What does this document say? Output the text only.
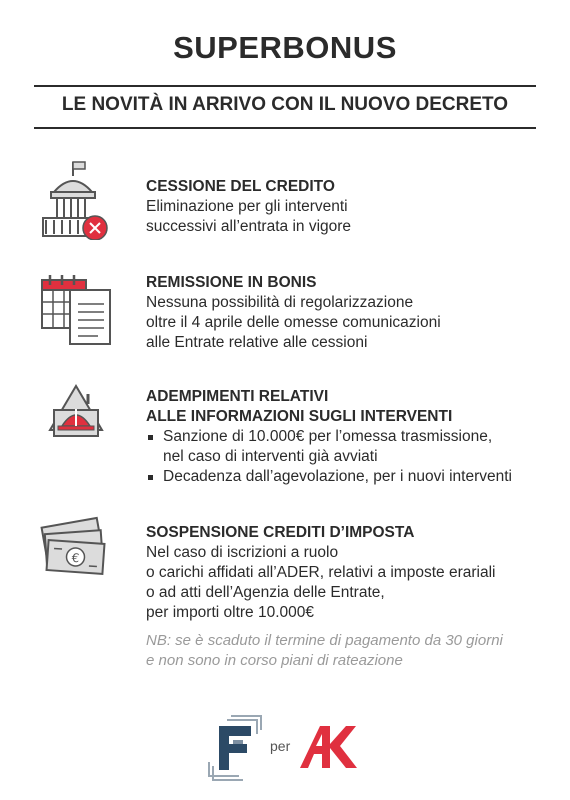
SUPERBONUS
LE NOVITÀ IN ARRIVO CON IL NUOVO DECRETO
CESSIONE DEL CREDITO
Eliminazione per gli interventi
successivi all’entrata in vigore
REMISSIONE IN BONIS
Nessuna possibilità di regolarizzazione
oltre il 4 aprile delle omesse comunicazioni
alle Entrate relative alle cessioni
ADEMPIMENTI RELATIVI
ALLE INFORMAZIONI SUGLI INTERVENTI
Sanzione di 10.000€ per l’omessa trasmissione,
nel caso di interventi già avviati
Decadenza dall’agevolazione, per i nuovi interventi
€
SOSPENSIONE CREDITI D’IMPOSTA
Nel caso di iscrizioni a ruolo
o carichi affidati all’ADER, relativi a imposte erariali
o ad atti dell’Agenzia delle Entrate,
per importi oltre 10.000€
NB: se è scaduto il termine di pagamento da 30 giorni
e non sono in corso piani di rateazione
per
